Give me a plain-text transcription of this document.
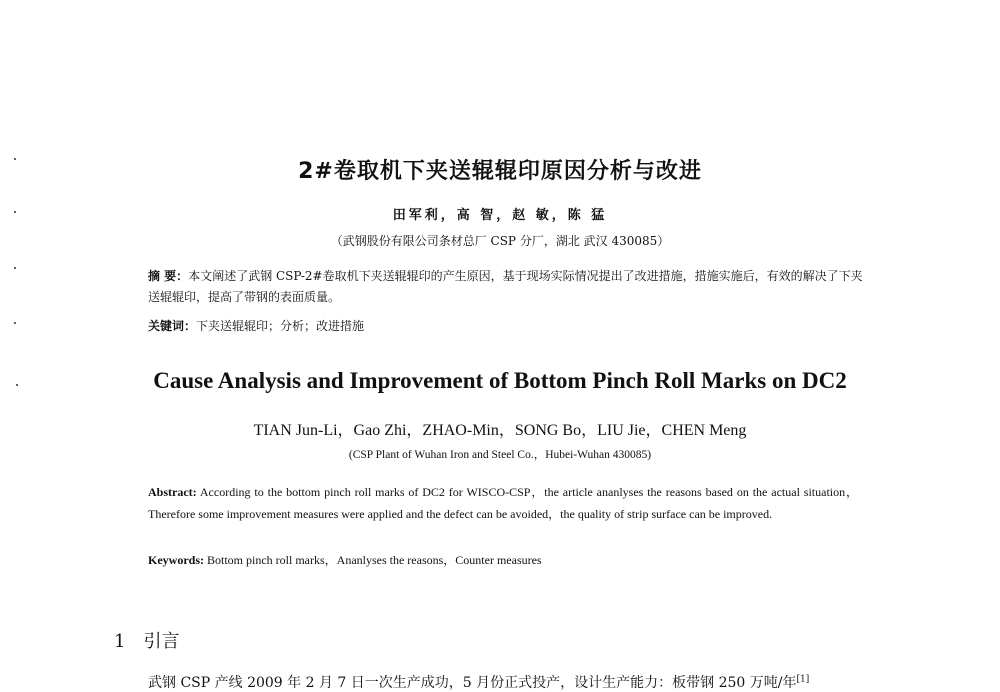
2#卷取机下夹送辊辊印原因分析与改进
田军利，高 智，赵 敏，陈 猛
（武钢股份有限公司条材总厂 CSP 分厂，湖北 武汉 430085）
摘 要：本文阐述了武钢 CSP-2#卷取机下夹送辊辊印的产生原因，基于现场实际情况提出了改进措施，措施实施后，有效的解决了下夹送辊辊印，提高了带钢的表面质量。
关键词：下夹送辊辊印；分析；改进措施
Cause Analysis and Improvement of Bottom Pinch Roll Marks on DC2
TIAN Jun-Li，Gao Zhi，ZHAO-Min，SONG Bo，LIU Jie，CHEN Meng
(CSP Plant of Wuhan Iron and Steel Co.，Hubei-Wuhan 430085)
Abstract: According to the bottom pinch roll marks of DC2 for WISCO-CSP，the article ananlyses the reasons based on the actual situation，Therefore some improvement measures were applied and the defect can be avoided，the quality of strip surface can be improved.
Keywords: Bottom pinch roll marks，Ananlyses the reasons，Counter measures
1 引言
武钢 CSP 产线 2009 年 2 月 7 日一次生产成功，5 月份正式投产，设计生产能力：板带钢 250 万吨/年[1]
